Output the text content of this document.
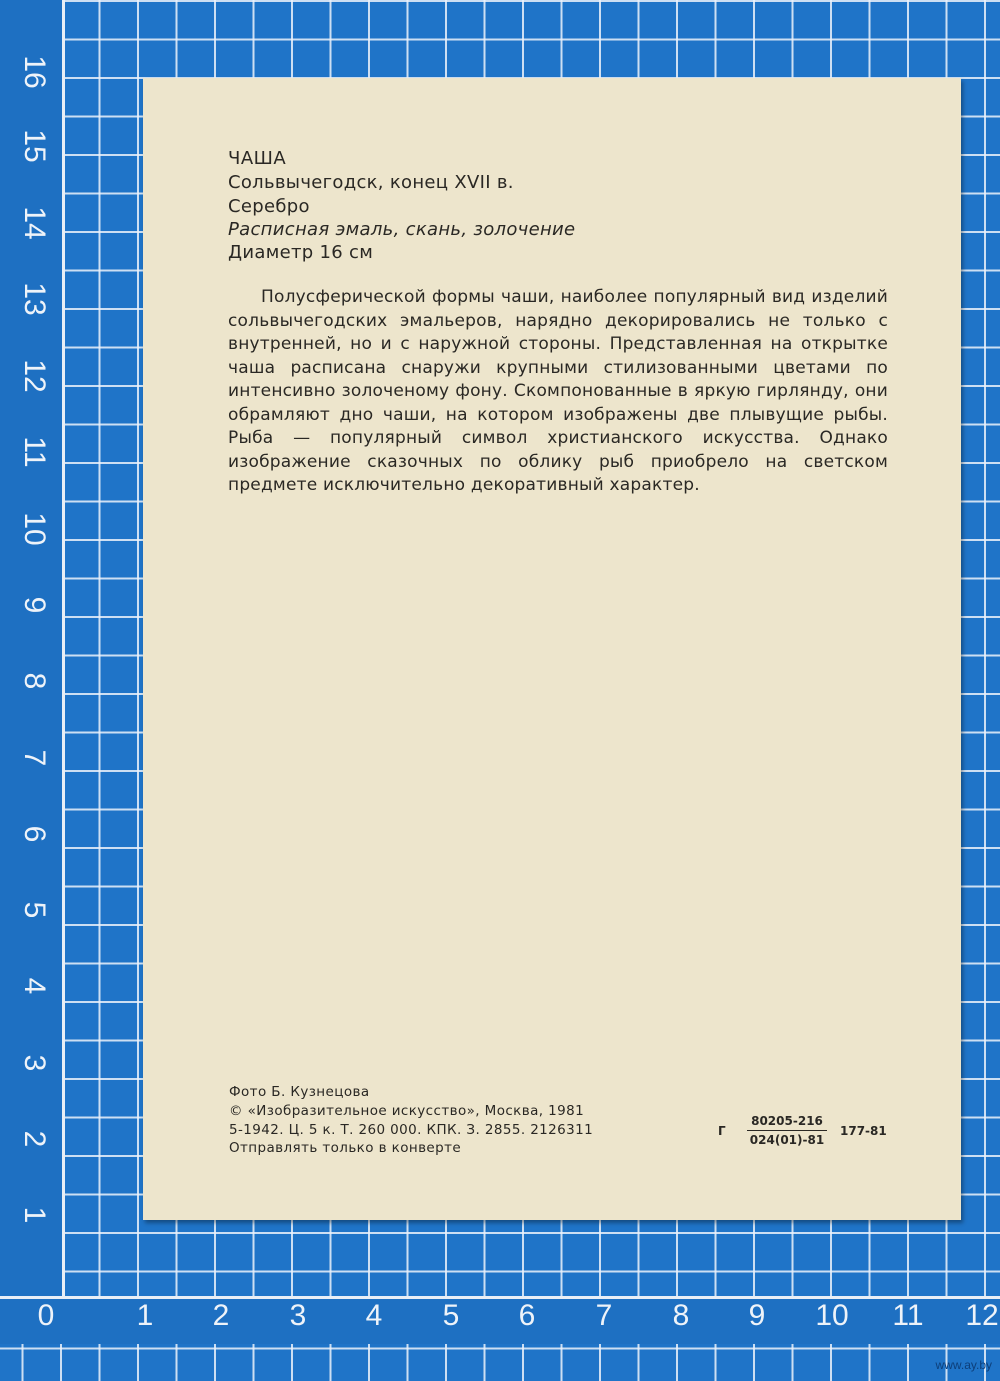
16
15
14
13
12
11
10
9
8
7
6
5
4
3
2
1
0	1	2	3	4	5	6	7	8	9	10 11 12
ЧАША
Сольвычегодск, конец XVII в.
Серебро
Расписная эмаль, скань, золочение
Диаметр 16 см
Полусферической формы чаши, наиболее популярный вид изделий сольвычегодских эмальеров, нарядно декорировались не только с внутренней, но и с наружной стороны. Представленная на открытке чаша расписана снаружи крупными стилизованными цветами по интенсивно золоченому фону. Скомпонованные в яркую гирлянду, они обрамляют дно чаши, на котором изображены две плывущие рыбы. Рыба — популярный символ христианского искусства. Однако изображение сказочных по облику рыб приобрело на светском предмете исключительно декоративный характер.
Фото Б. Кузнецова
© «Изобразительное искусство», Москва, 1981
5-1942. Ц. 5 к. Т. 260 000. КПК. З. 2855. 2126311
Отправлять только в конверте
Г
80205-216
024(01)-81
177-81
www.ay.by
